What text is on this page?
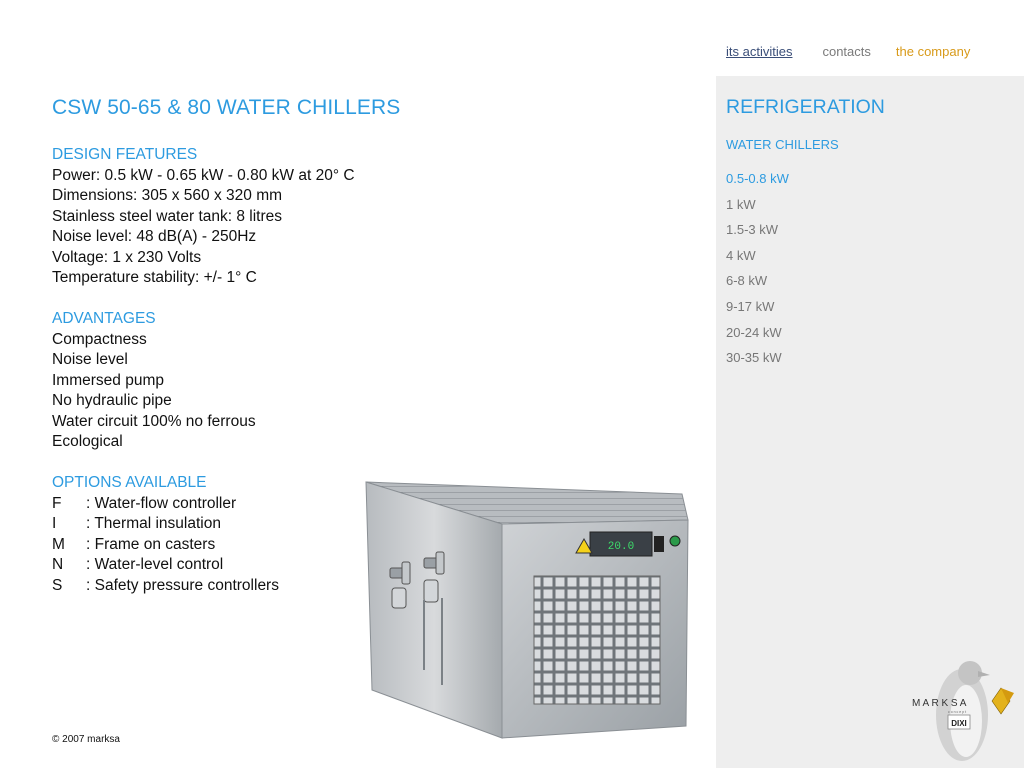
its activities contacts the company
CSW 50-65 & 80 WATER CHILLERS
DESIGN FEATURES
Power: 0.5 kW - 0.65 kW - 0.80 kW at 20° C
Dimensions: 305 x 560 x 320 mm
Stainless steel water tank: 8 litres
Noise level: 48 dB(A) - 250Hz
Voltage: 1 x 230 Volts
Temperature stability: +/- 1° C
ADVANTAGES
Compactness
Noise level
Immersed pump
No hydraulic pipe
Water circuit 100% no ferrous
Ecological
OPTIONS AVAILABLE
F	: Water-flow controller
I	: Thermal insulation
M	: Frame on casters
N	: Water-level control
S	: Safety pressure controllers
20.0
© 2007 marksa
REFRIGERATION
WATER CHILLERS
0.5-0.8 kW
1 kW
1.5-3 kW
4 kW
6-8 kW
9-17 kW
20-24 kW
30-35 kW
M A R K S A
c o n c e p t
DIXI
